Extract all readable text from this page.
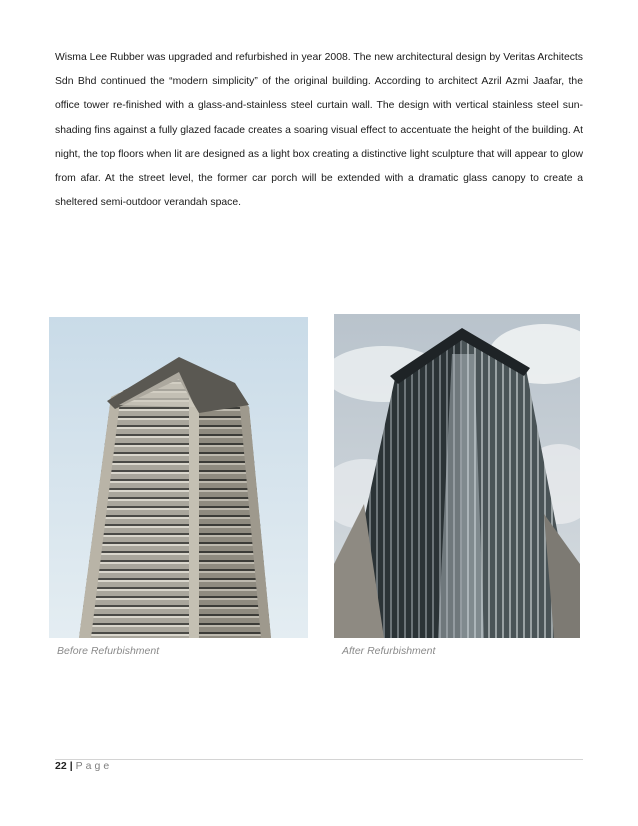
Wisma Lee Rubber was upgraded and refurbished in year 2008. The new architectural design by Veritas Architects Sdn Bhd continued the “modern simplicity” of the original building. According to architect Azril Azmi Jaafar, the office tower re-finished with a glass-and-stainless steel curtain wall. The design with vertical stainless steel sun-shading fins against a fully glazed facade creates a soaring visual effect to accentuate the height of the building. At night, the top floors when lit are designed as a light box creating a distinctive light sculpture that will appear to glow from afar. At the street level, the former car porch will be extended with a dramatic glass canopy to create a sheltered semi-outdoor verandah space.

Before Refurbishment	After Refurbishment
22 | Page
